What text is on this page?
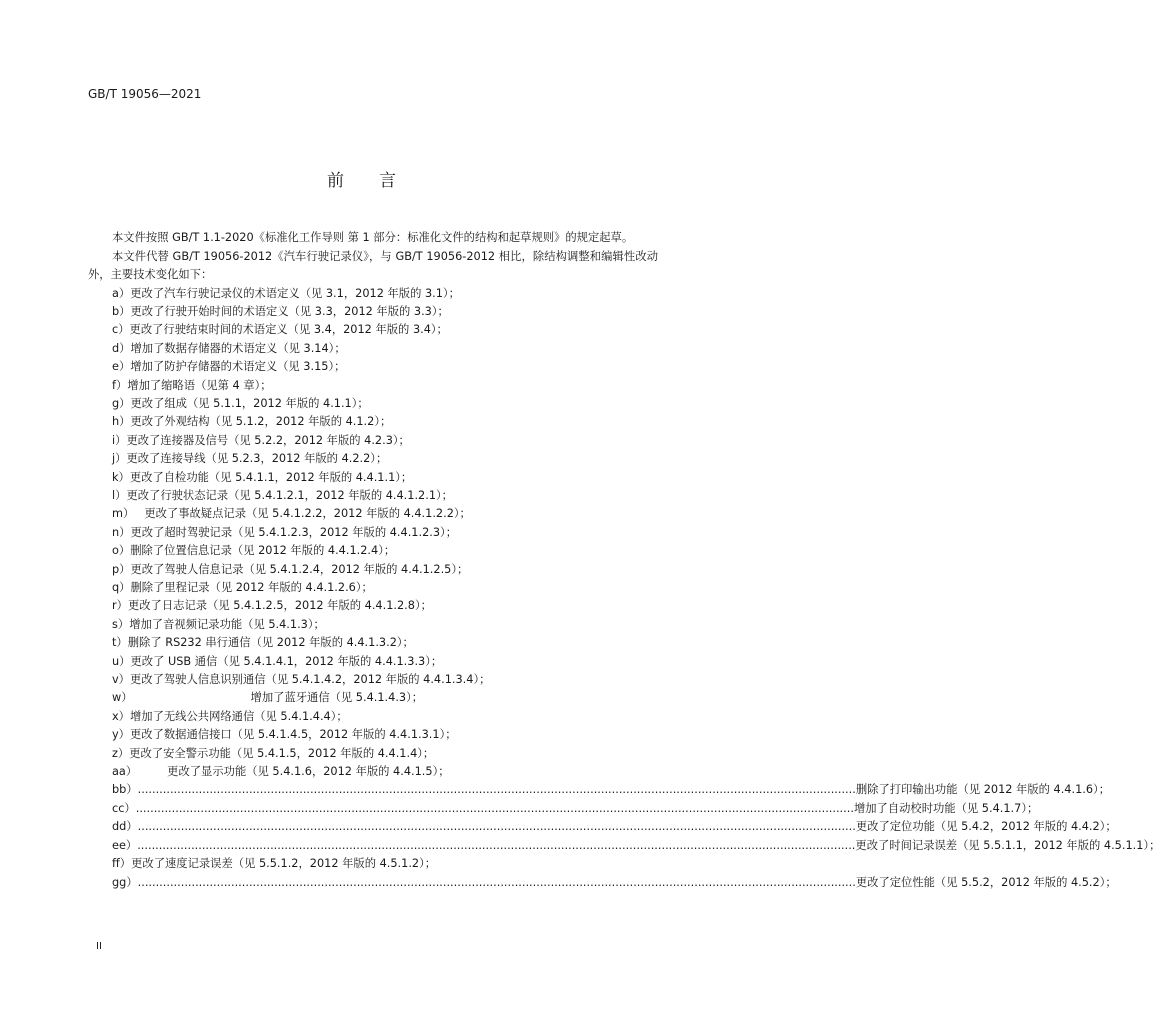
GB/T 19056—2021
前 言

本文件按照 GB/T 1.1-2020《标准化工作导则 第 1 部分：标准化文件的结构和起草规则》的规定起草。

本文件代替 GB/T 19056-2012《汽车行驶记录仪》，与 GB/T 19056-2012 相比，除结构调整和编辑性改动外，主要技术变化如下：

a） 更改了汽车行驶记录仪的术语定义（见 3.1，2012 年版的 3.1）；
b） 更改了行驶开始时间的术语定义（见 3.3，2012 年版的 3.3）；
c） 更改了行驶结束时间的术语定义（见 3.4，2012 年版的 3.4）；
d） 增加了数据存储器的术语定义（见 3.14）；
e） 增加了防护存储器的术语定义（见 3.15）；
f） 增加了缩略语（见第 4 章）；
g） 更改了组成（见 5.1.1，2012 年版的 4.1.1）；
h） 更改了外观结构（见 5.1.2，2012 年版的 4.1.2）；
i） 更改了连接器及信号（见 5.2.2，2012 年版的 4.2.3）；
j） 更改了连接导线（见 5.2.3，2012 年版的 4.2.2）；
k） 更改了自检功能（见 5.4.1.1，2012 年版的 4.4.1.1）；
l） 更改了行驶状态记录（见 5.4.1.2.1，2012 年版的 4.4.1.2.1）；
m） 更改了事故疑点记录（见 5.4.1.2.2，2012 年版的 4.4.1.2.2）；
n） 更改了超时驾驶记录（见 5.4.1.2.3，2012 年版的 4.4.1.2.3）；
o） 删除了位置信息记录（见 2012 年版的 4.4.1.2.4）；
p） 更改了驾驶人信息记录（见 5.4.1.2.4，2012 年版的 4.4.1.2.5）；
q） 删除了里程记录（见 2012 年版的 4.4.1.2.6）；
r） 更改了日志记录（见 5.4.1.2.5，2012 年版的 4.4.1.2.8）；
s） 增加了音视频记录功能（见 5.4.1.3）；
t） 删除了 RS232 串行通信（见 2012 年版的 4.4.1.3.2）；
u） 更改了 USB 通信（见 5.4.1.4.1，2012 年版的 4.4.1.3.3）；
v） 更改了驾驶人信息识别通信（见 5.4.1.4.2，2012 年版的 4.4.1.3.4）；
w）	增加了蓝牙通信（见 5.4.1.4.3）；
x） 增加了无线公共网络通信（见 5.4.1.4.4）；
y） 更改了数据通信接口（见 5.4.1.4.5，2012 年版的 4.4.1.3.1）；
z） 更改了安全警示功能（见 5.4.1.5，2012 年版的 4.4.1.4）；
aa）	更改了显示功能（见 5.4.1.6，2012 年版的 4.4.1.5）；
bb） ........................................................................................................................................................................................................ 删除了打印输出功能（见 2012 年版的 4.4.1.6）；
cc） ........................................................................................................................................................................................................ 增加了自动校时功能（见 5.4.1.7）；
dd） ........................................................................................................................................................................................................ 更改了定位功能（见 5.4.2，2012 年版的 4.4.2）；
ee） ........................................................................................................................................................................................................ 更改了时间记录误差（见 5.5.1.1，2012 年版的 4.5.1.1）；
ff） 更改了速度记录误差（见 5.5.1.2，2012 年版的 4.5.1.2）；
gg） ........................................................................................................................................................................................................ 更改了定位性能（见 5.5.2，2012 年版的 4.5.2）；
II
